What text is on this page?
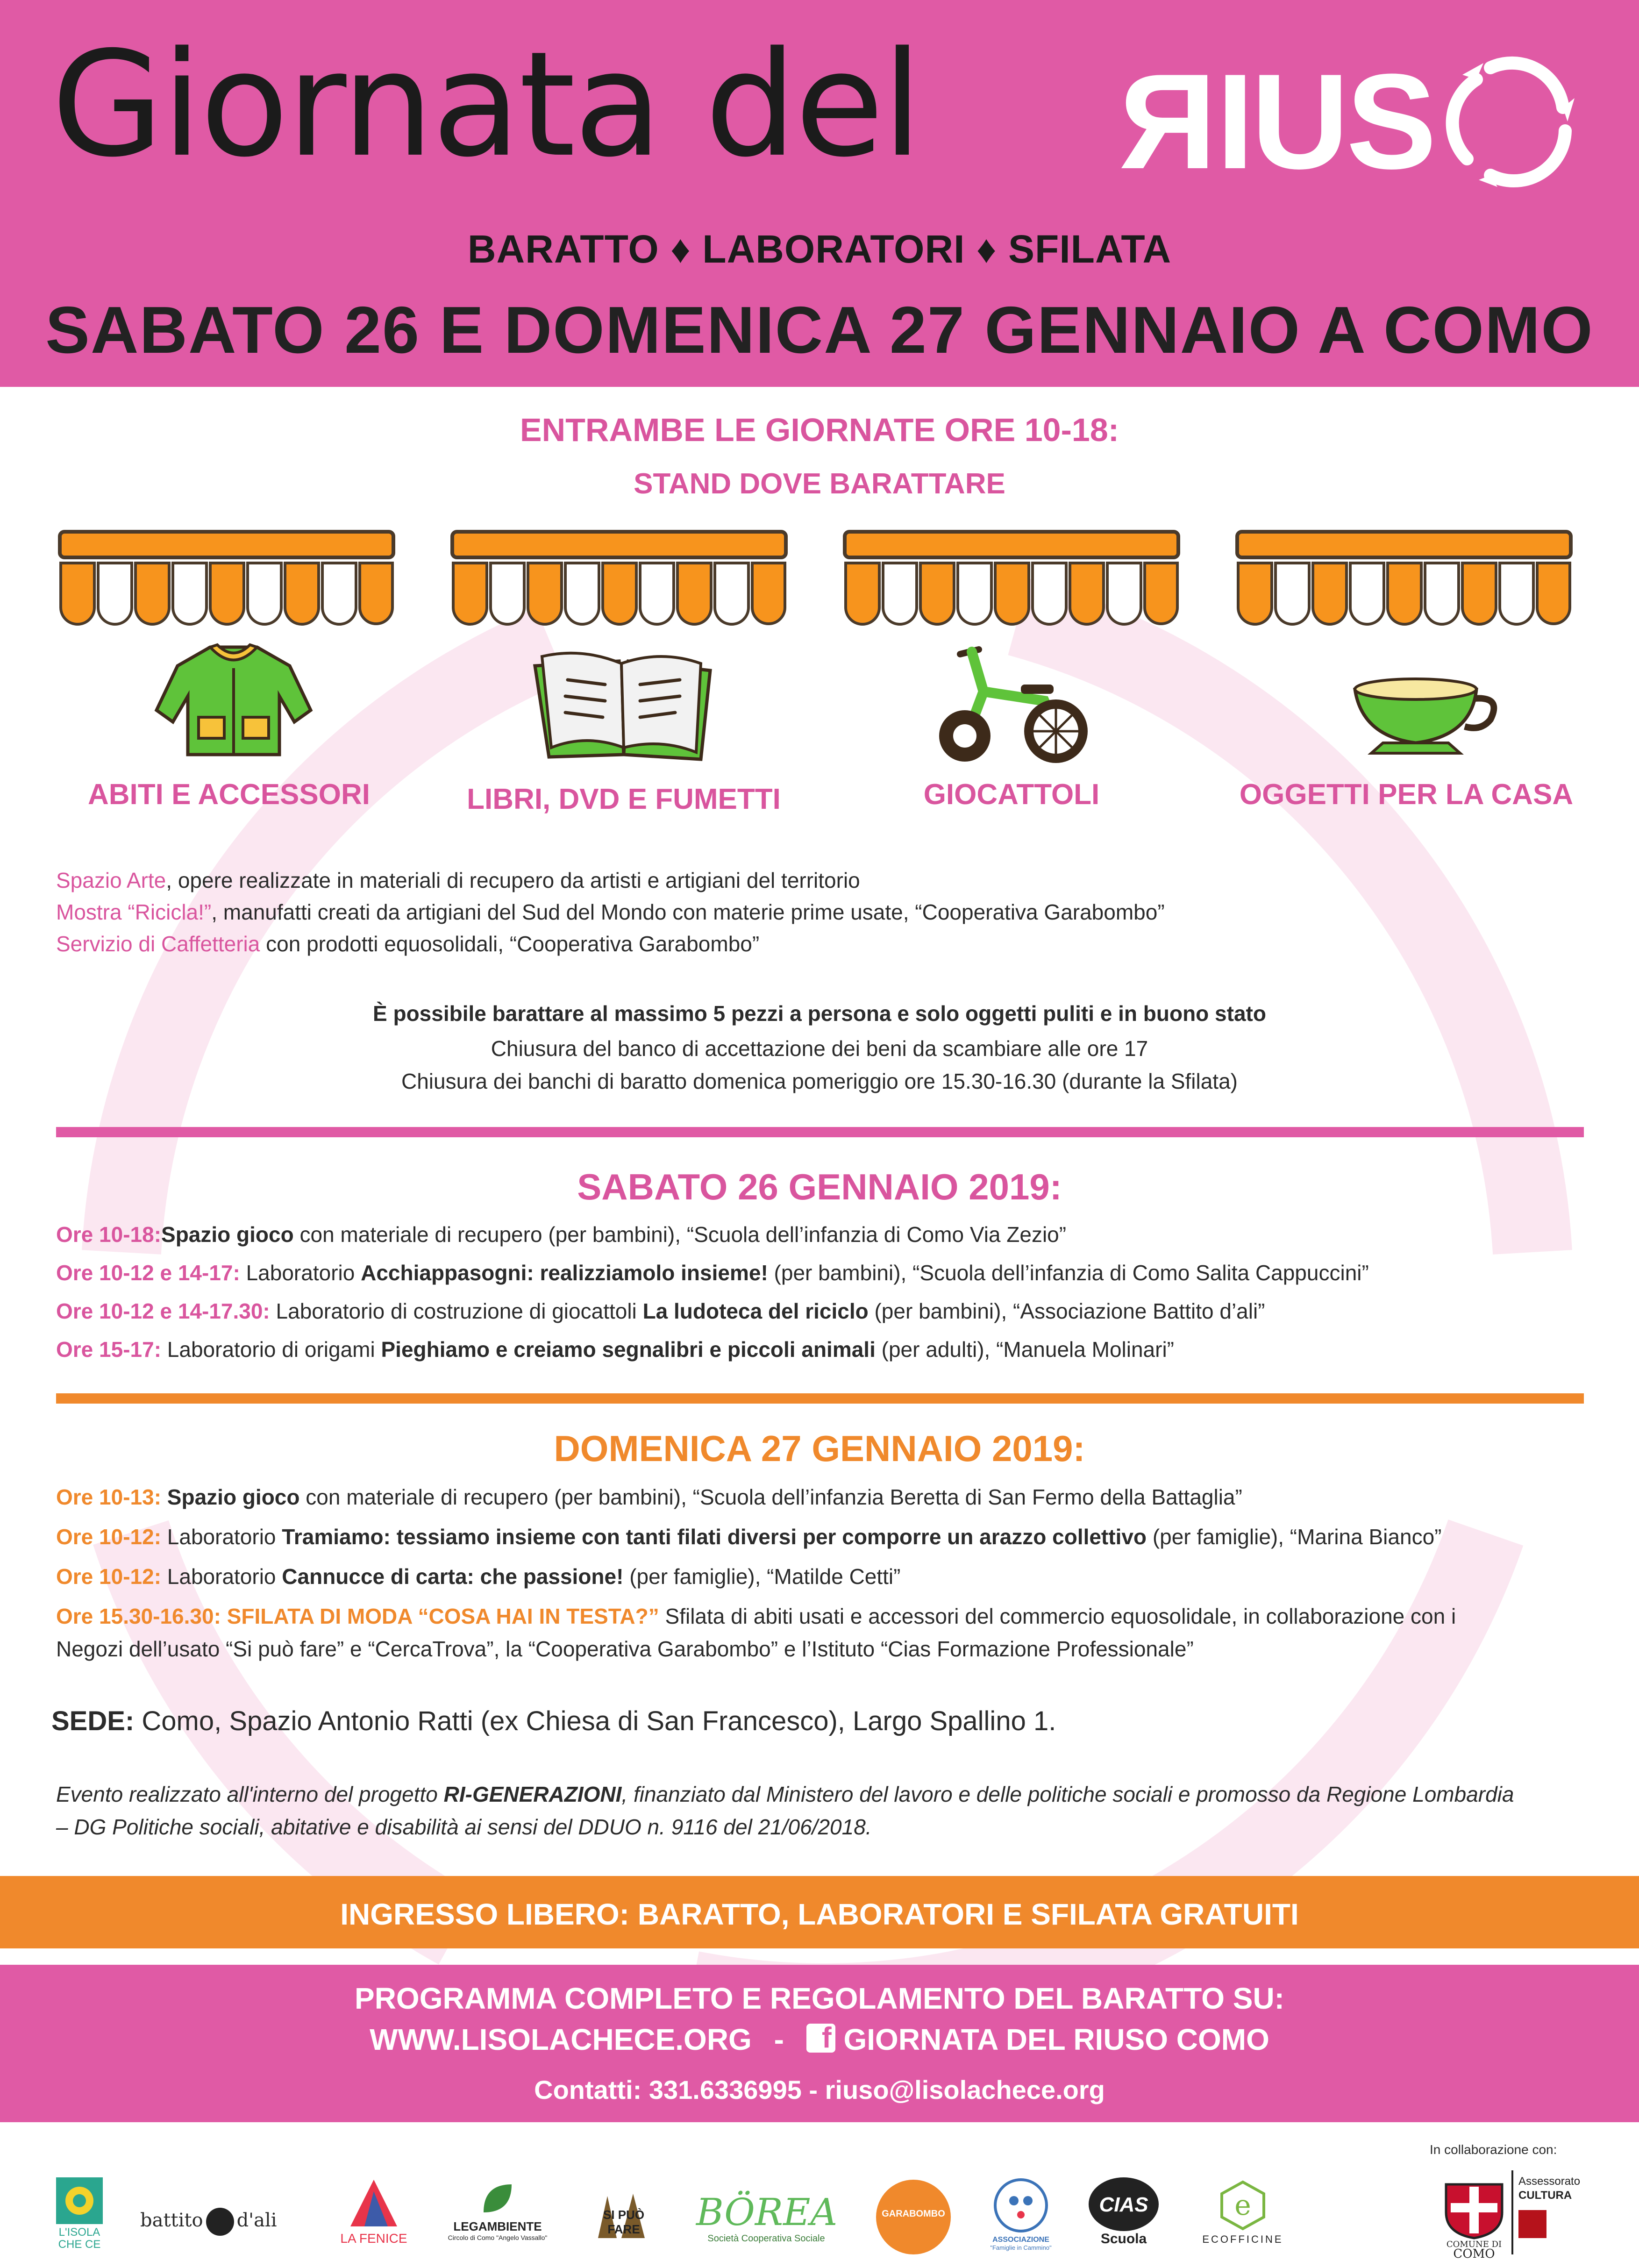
Giornata del RIUS
BARATTO ♦ LABORATORI ♦ SFILATA
SABATO 26 E DOMENICA 27 GENNAIO A COMO
ENTRAMBE LE GIORNATE ORE 10-18:
STAND DOVE BARATTARE
ABITI E ACCESSORI	LIBRI, DVD E FUMETTI	GIOCATTOLI	OGGETTI PER LA CASA
Spazio Arte, opere realizzate in materiali di recupero da artisti e artigiani del territorio
Mostra “Ricicla!”, manufatti creati da artigiani del Sud del Mondo con materie prime usate, “Cooperativa Garabombo”
Servizio di Caffetteria con prodotti equosolidali, “Cooperativa Garabombo”
È possibile barattare al massimo 5 pezzi a persona e solo oggetti puliti e in buono stato
Chiusura del banco di accettazione dei beni da scambiare alle ore 17
Chiusura dei banchi di baratto domenica pomeriggio ore 15.30-16.30 (durante la Sfilata)
SABATO 26 GENNAIO 2019:
Ore 10-18:Spazio gioco con materiale di recupero (per bambini), “Scuola dell’infanzia di Como Via Zezio”
Ore 10-12 e 14-17: Laboratorio Acchiappasogni: realizziamolo insieme! (per bambini), “Scuola dell’infanzia di Como Salita Cappuccini”
Ore 10-12 e 14-17.30: Laboratorio di costruzione di giocattoli La ludoteca del riciclo (per bambini), “Associazione Battito d’ali”
Ore 15-17: Laboratorio di origami Pieghiamo e creiamo segnalibri e piccoli animali (per adulti), “Manuela Molinari”
DOMENICA 27 GENNAIO 2019:
Ore 10-13: Spazio gioco con materiale di recupero (per bambini), “Scuola dell’infanzia Beretta di San Fermo della Battaglia”
Ore 10-12: Laboratorio Tramiamo: tessiamo insieme con tanti filati diversi per comporre un arazzo collettivo (per famiglie), “Marina Bianco”
Ore 10-12: Laboratorio Cannucce di carta: che passione! (per famiglie), “Matilde Cetti”
Ore 15.30-16.30: SFILATA DI MODA “COSA HAI IN TESTA?” Sfilata di abiti usati e accessori del commercio equosolidale, in collaborazione con i
Negozi dell’usato “Si può fare” e “CercaTrova”, la “Cooperativa Garabombo” e l’Istituto “Cias Formazione Professionale”
SEDE: Como, Spazio Antonio Ratti (ex Chiesa di San Francesco), Largo Spallino 1.
Evento realizzato all'interno del progetto RI-GENERAZIONI, finanziato dal Ministero del lavoro e delle politiche sociali e promosso da Regione Lombardia
– DG Politiche sociali, abitative e disabilità ai sensi del DDUO n. 9116 del 21/06/2018.
INGRESSO LIBERO: BARATTO, LABORATORI E SFILATA GRATUITI
PROGRAMMA COMPLETO E REGOLAMENTO DEL BARATTO SU:
WWW.LISOLACHECE.ORG - f GIORNATA DEL RIUSO COMO
Contatti: 331.6336995 - riuso@lisolachece.org
In collaborazione con:
L'ISOLA
CHE CE
battito d'ali
LA FENICE
LEGAMBIENTE
Circolo di Como "Angelo Vassallo"
SI PUÒ FARE	BÖREA
Società Cooperativa Sociale
GARABOMBO
ASSOCIAZIONE
"Famiglie in Cammino"
CIAS
Scuola
e
ECOFFICINE
Assessorato
CULTURA
COMUNE DI
COMO
